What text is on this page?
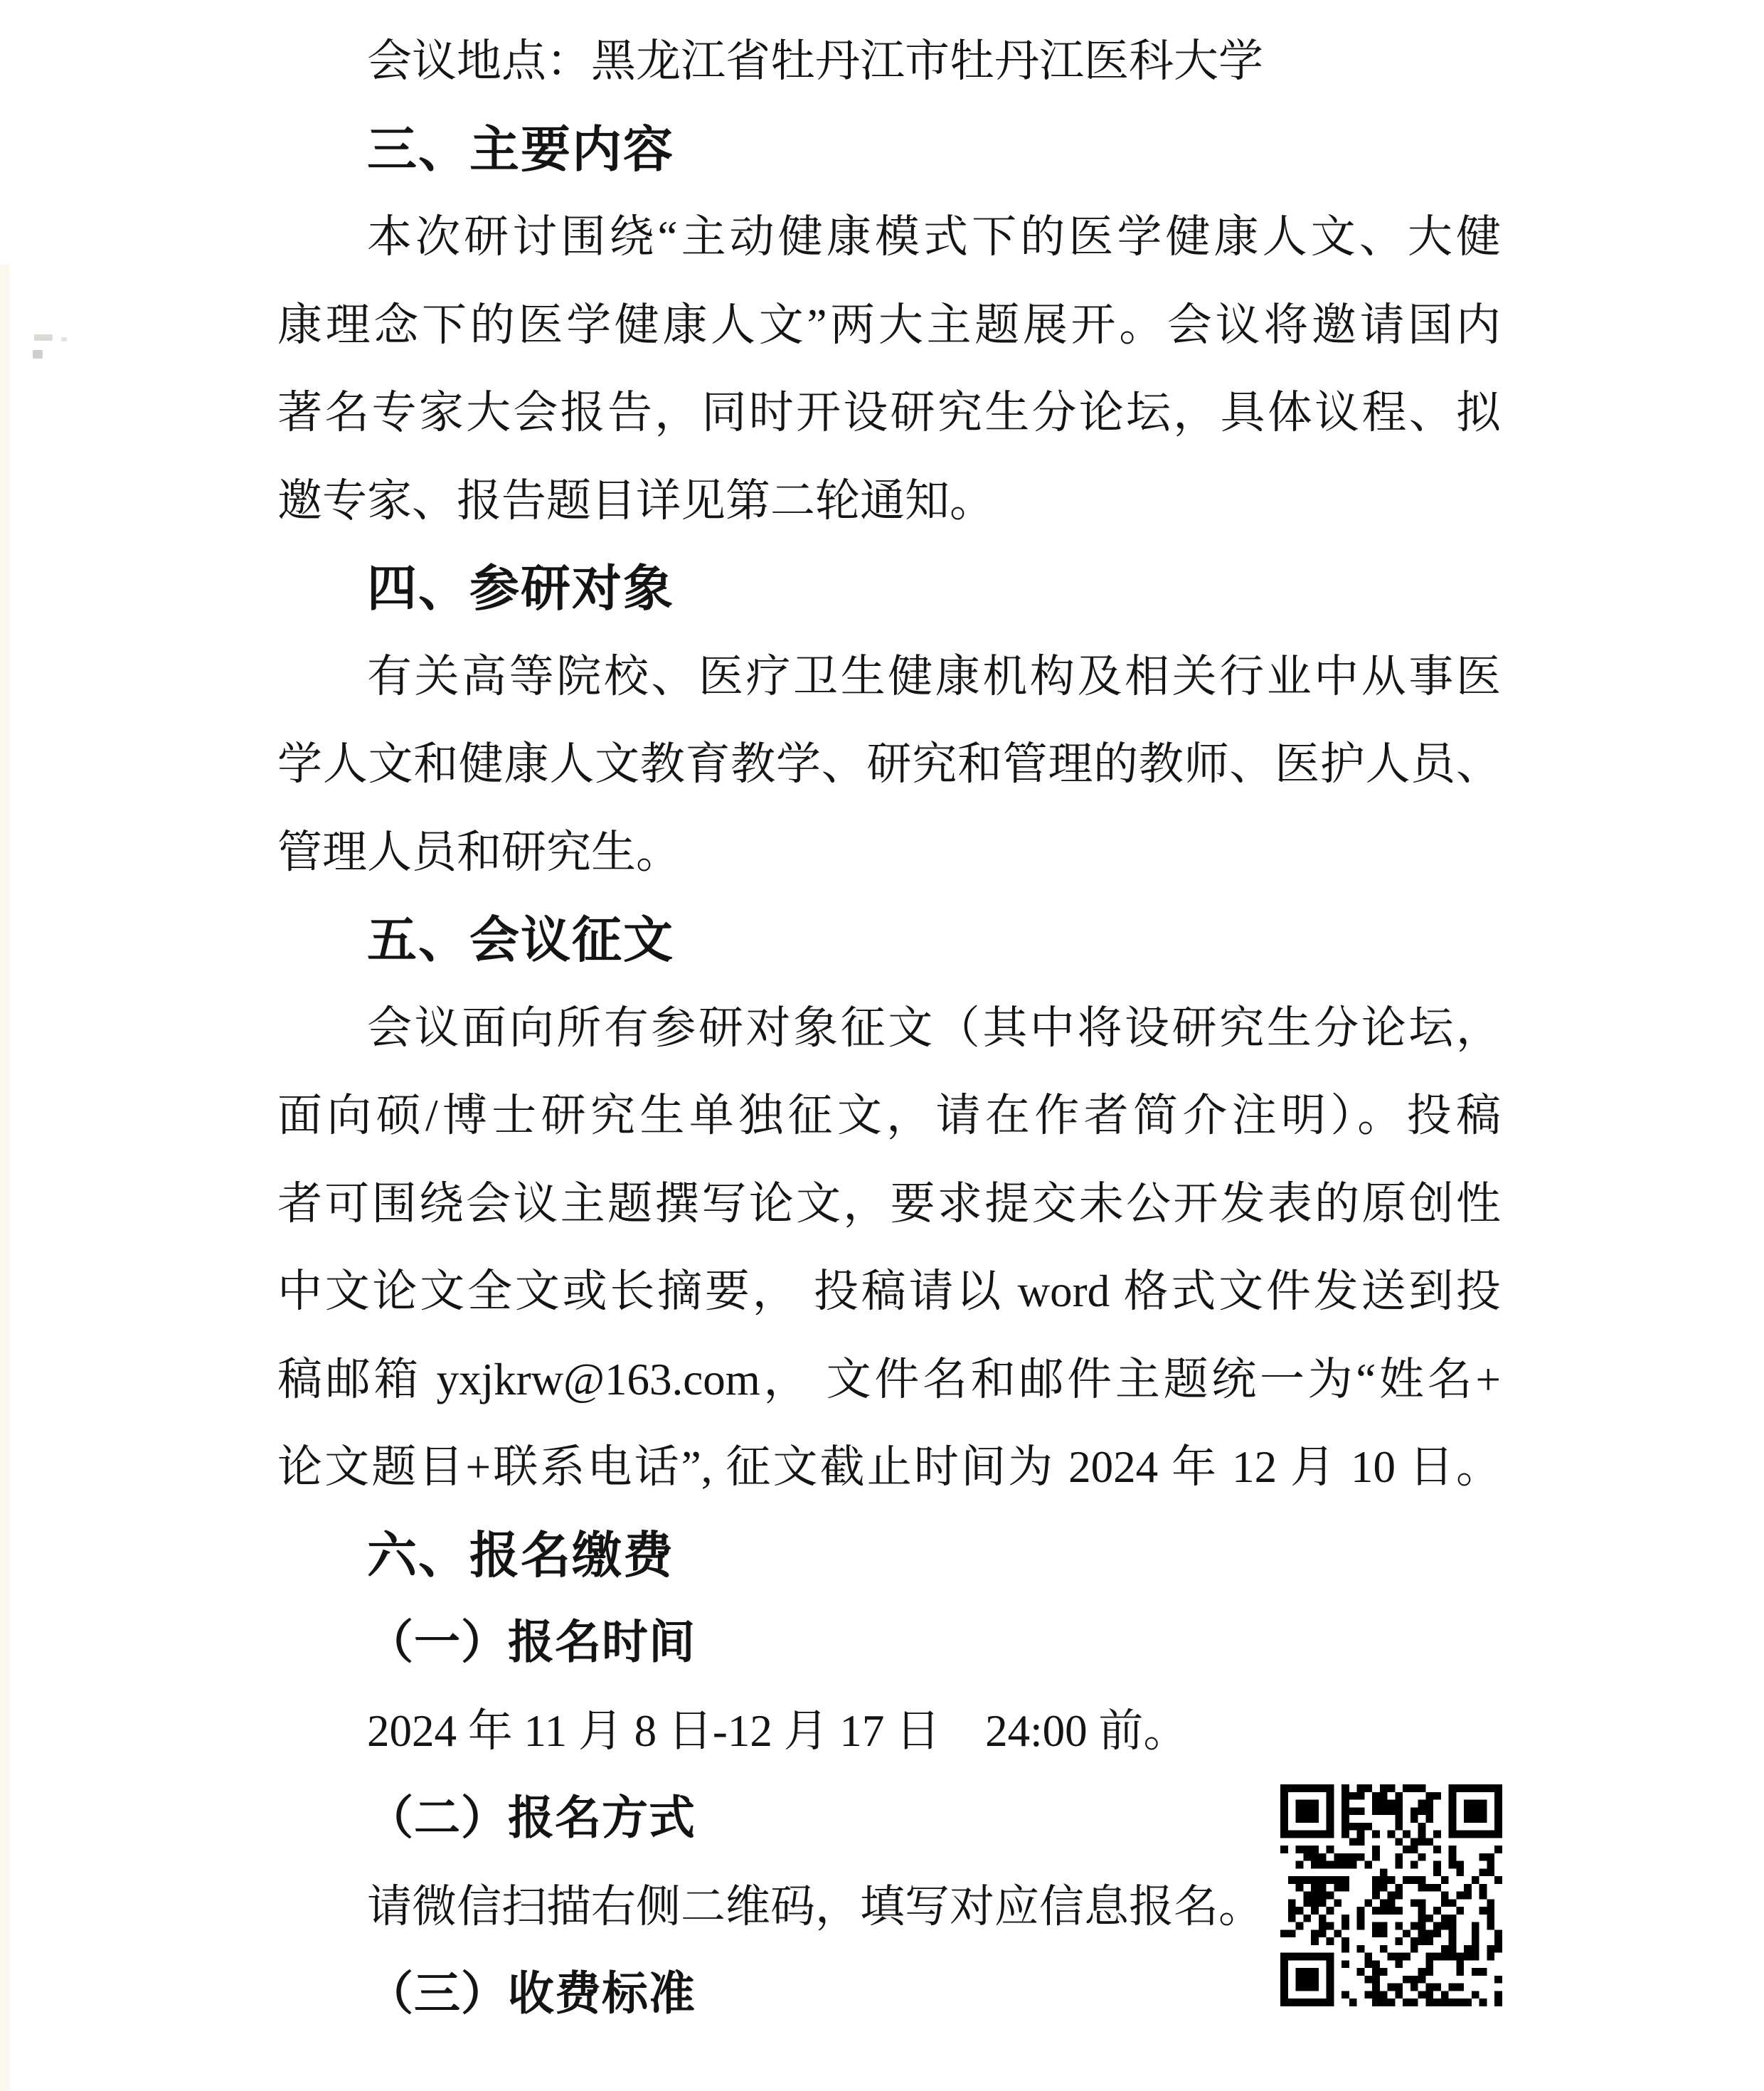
会议地点：黑龙江省牡丹江市牡丹江医科大学

三、主要内容

本次研讨围绕“主动健康模式下的医学健康人文、大健

康理念下的医学健康人文”两大主题展开。会议将邀请国内

著名专家大会报告，同时开设研究生分论坛，具体议程、拟

邀专家、报告题目详见第二轮通知。

四、参研对象

有关高等院校、医疗卫生健康机构及相关行业中从事医

学人文和健康人文教育教学、研究和管理的教师、医护人员、

管理人员和研究生。

五、会议征文

会议面向所有参研对象征文（其中将设研究生分论坛，

面向硕/博士研究生单独征文，请在作者简介注明）。投稿

者可围绕会议主题撰写论文，要求提交未公开发表的原创性

中文论文全文或长摘要， 投稿请以 word 格式文件发送到投

稿邮箱 yxjkrw@163.com， 文件名和邮件主题统一为“姓名+

论文题目+联系电话”, 征文截止时间为 2024 年 12 月 10 日。

六、报名缴费
（一）报名时间

2024 年 11 月 8 日-12 月 17 日　24:00 前。

（二）报名方式

请微信扫描右侧二维码，填写对应信息报名。

（三）收费标准
